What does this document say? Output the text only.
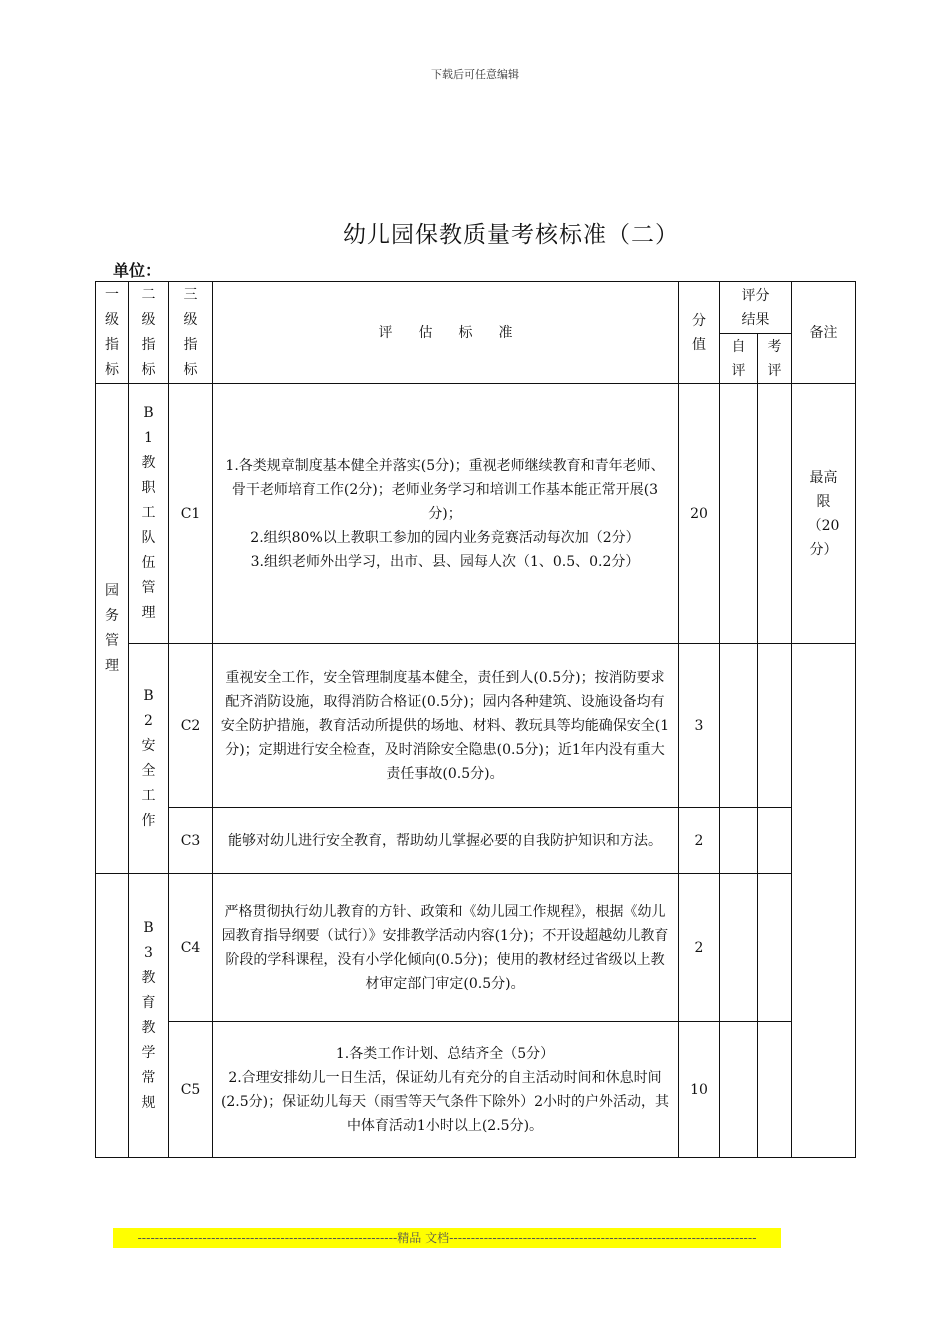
下载后可任意编辑
幼儿园保教质量考核标准（二）
单位：
一级指标	二级指标	三级指标	评估标准	分值	评分结果		备注

					自评	考评	

园务管理	B1教职工队伍管理	C1	1.各类规章制度基本健全并落实(5分)；重视老师继续教育和青年老师、骨干老师培育工作(2分)；老师业务学习和培训工作基本能正常开展(3分)；
2.组织80%以上教职工参加的园内业务竞赛活动每次加（2分）
3.组织老师外出学习，出市、县、园每人次（1、0.5、0.2分）	20			最高限（20分）

	B2安全工作	C2	重视安全工作，安全管理制度基本健全，责任到人(0.5分)；按消防要求配齐消防设施，取得消防合格证(0.5分)；园内各种建筑、设施设备均有安全防护措施，教育活动所提供的场地、材料、教玩具等均能确保安全(1分)；定期进行安全检查，及时消除安全隐患(0.5分)；近1年内没有重大责任事故(0.5分)。	3			
		C3	能够对幼儿进行安全教育，帮助幼儿掌握必要的自我防护知识和方法。	2			

	B3教育教学常规	C4	严格贯彻执行幼儿教育的方针、政策和《幼儿园工作规程》，根据《幼儿园教育指导纲要（试行）》安排教学活动内容(1分)；不开设超越幼儿教育阶段的学科课程，没有小学化倾向(0.5分)；使用的教材经过省级以上教材审定部门审定(0.5分)。	2			
		C5	1.各类工作计划、总结齐全（5分）
2.合理安排幼儿一日生活，保证幼儿有充分的自主活动时间和休息时间(2.5分)；保证幼儿每天（雨雪等天气条件下除外）2小时的户外活动，其中体育活动1小时以上(2.5分)。	10			
------------------------------------------------------------精品 文档-----------------------------------------------------------------------
